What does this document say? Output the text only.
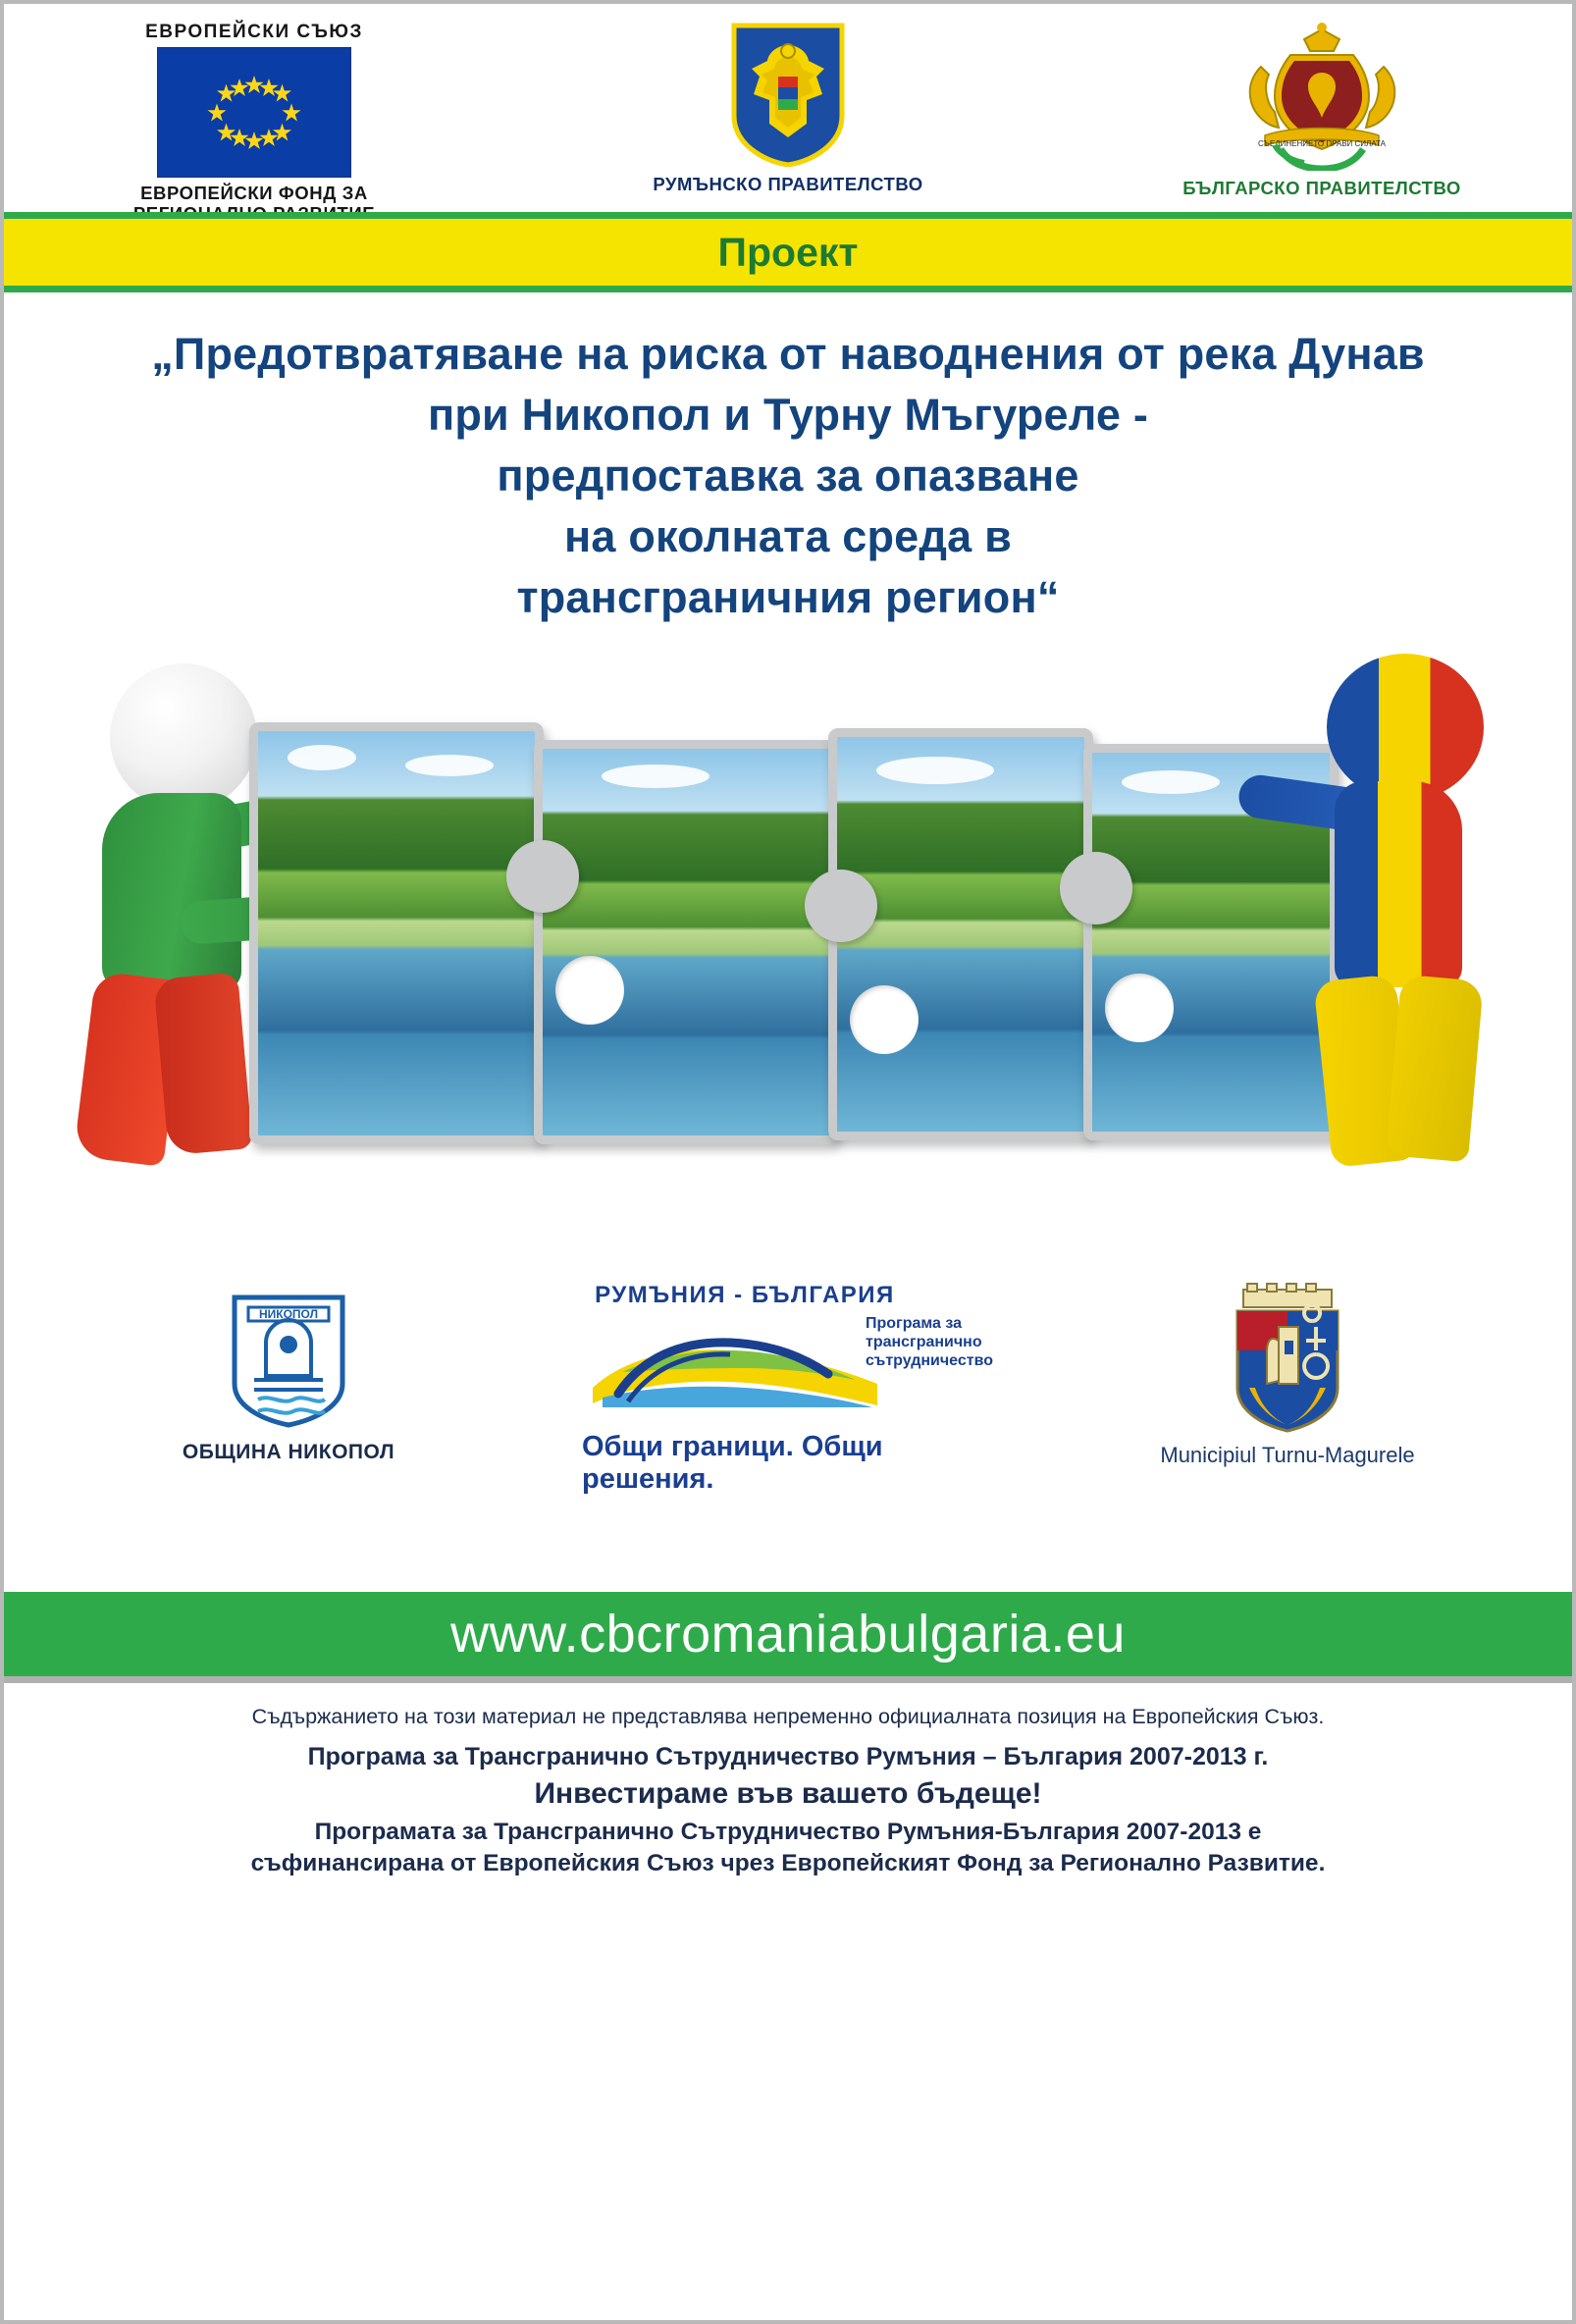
ЕВРОПЕЙСКИ СЪЮЗ
ЕВРОПЕЙСКИ ФОНД ЗА	РУМЪНСКО ПРАВИТЕЛСТВО
СЪЕДИНЕНИЕТО ПРАВИ СИЛАТА
БЪЛГАРСКО ПРАВИТЕЛСТВО
Проект
„Предотвратяване на риска от наводнения от река Дунав
при Никопол и Турну Мъгуреле -
предпоставка за опазване
на околната среда в
трансграничния регион“
НИКОПОЛ
ОБЩИНА НИКОПОЛ
РУМЪНИЯ - БЪЛГАРИЯ
Програма за
трансгранично
сътрудничество
Общи граници. Общи решения.
Municipiul Turnu-Magurele
www.cbcromaniabulgaria.eu
Съдържанието на този материал не представлява непременно официалната позиция на Европейския Съюз.
Програма за Трансгранично Сътрудничество Румъния – България 2007-2013 г.
Инвестираме във вашето бъдеще!
Програмата за Трансгранично Сътрудничество Румъния-България 2007-2013 е
съфинансирана от Европейския Съюз чрез Европейският Фонд за Регионално Развитие.
